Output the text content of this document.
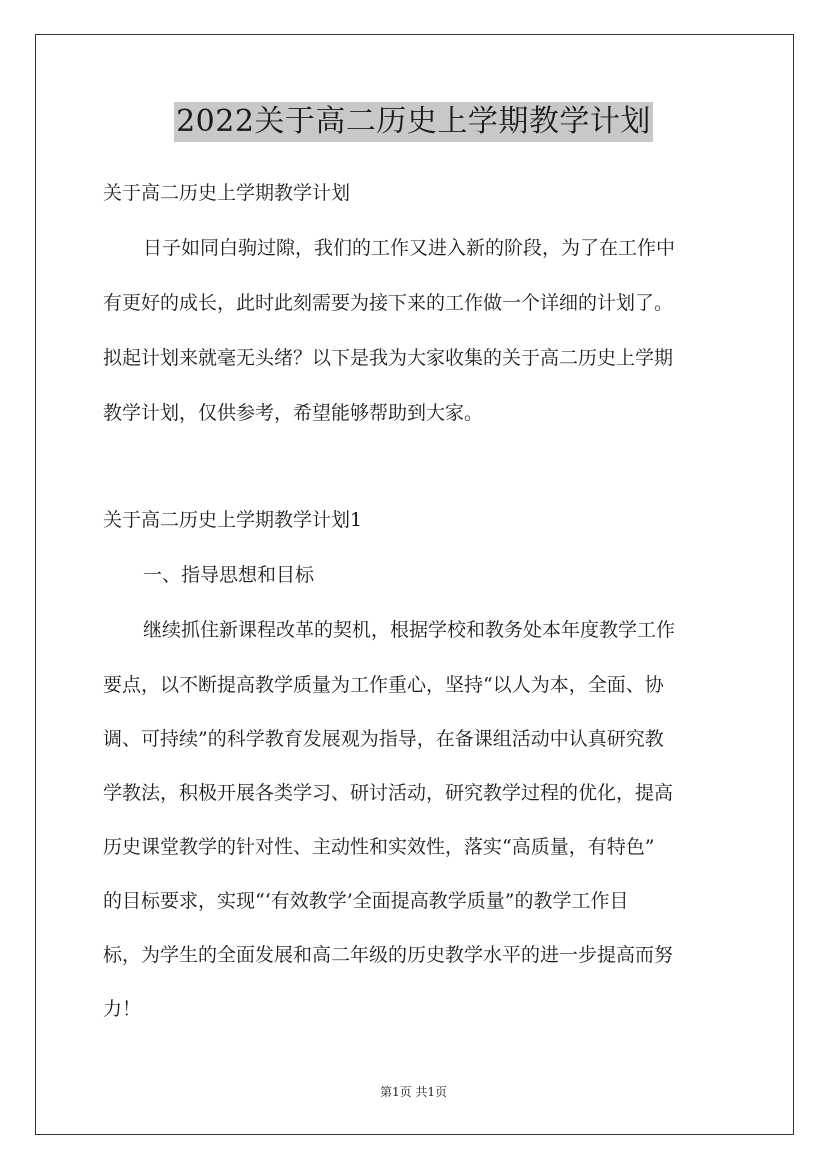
2022关于高二历史上学期教学计划
关于高二历史上学期教学计划
日子如同白驹过隙，我们的工作又进入新的阶段，为了在工作中
有更好的成长，此时此刻需要为接下来的工作做一个详细的计划了。
拟起计划来就毫无头绪？以下是我为大家收集的关于高二历史上学期
教学计划，仅供参考，希望能够帮助到大家。
关于高二历史上学期教学计划1
一、指导思想和目标
继续抓住新课程改革的契机，根据学校和教务处本年度教学工作
要点，以不断提高教学质量为工作重心，坚持“以人为本，全面、协
调、可持续”的科学教育发展观为指导，在备课组活动中认真研究教
学教法，积极开展各类学习、研讨活动，研究教学过程的优化，提高
历史课堂教学的针对性、主动性和实效性，落实“高质量，有特色”
的目标要求，实现“‘有效教学’全面提高教学质量”的教学工作目
标，为学生的全面发展和高二年级的历史教学水平的进一步提高而努
力！
第1页 共1页
